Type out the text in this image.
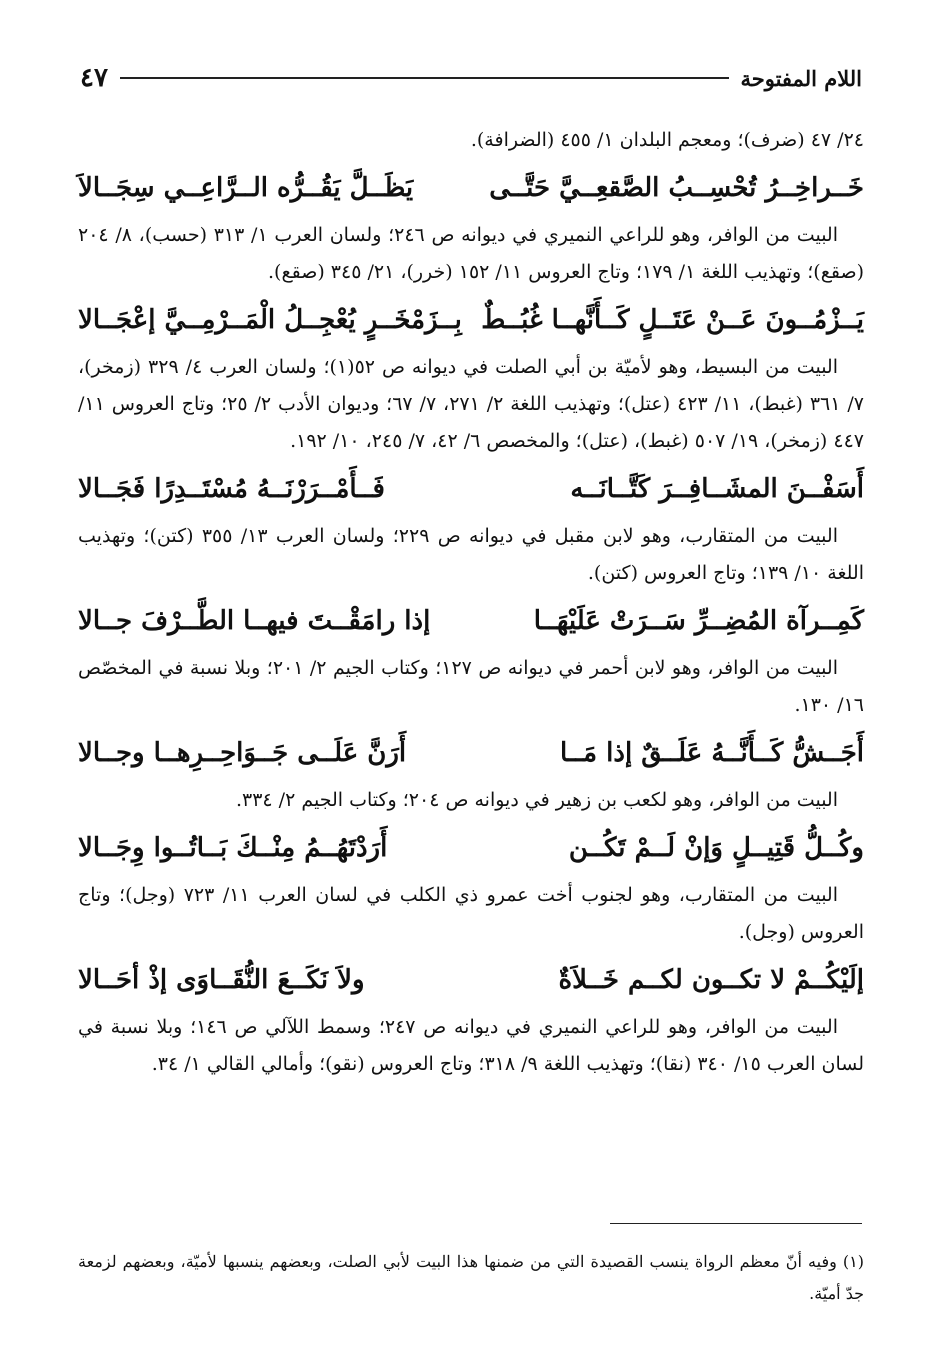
اللام المفتوحة
٤٧

٢٤/ ٤٧ (ضرف)؛ ومعجم البلدان ١/ ٤٥٥ (الضرافة).

خَــراخِــرُ تُحْسِــبُ الصَّقعِــيَّ حَتَّــى
يَظَــلَّ يَقُــرُّه الــرَّاعِــي سِجَــالاَ

البيت من الوافر، وهو للراعي النميري في ديوانه ص ٢٤٦؛ ولسان العرب ١/ ٣١٣ (حسب)، ٨/ ٢٠٤ (صقع)؛ وتهذيب اللغة ١/ ١٧٩؛ وتاج العروس ١١/ ١٥٢ (خرر)، ٢١/ ٣٤٥ (صقع).

يَــزْمُــونَ عَــنْ عَتَــلٍ كَــأَنَّهــا غُبُــطٌ
بِــزَمْخَــرٍ يُعْجِــلُ الْمَــرْمِــيَّ إعْجَــالا

البيت من البسيط، وهو لأميّة بن أبي الصلت في ديوانه ص ٥٢(١)؛ ولسان العرب ٤/ ٣٢٩ (زمخر)، ٧/ ٣٦١ (غبط)، ١١/ ٤٢٣ (عتل)؛ وتهذيب اللغة ٢/ ٢٧١، ٧/ ٦٧؛ وديوان الأدب ٢/ ٢٥؛ وتاج العروس ١١/ ٤٤٧ (زمخر)، ١٩/ ٥٠٧ (غبط)، (عتل)؛ والمخصص ٦/ ٤٢، ٧/ ٢٤٥، ١٠/ ١٩٢.

أَسَفْــنَ المشَــافِــرَ كَتَّــانَــه
فَــأَمْــرَرْنَــهُ مُسْتَــدِرًا فَجَــالا

البيت من المتقارب، وهو لابن مقبل في ديوانه ص ٢٢٩؛ ولسان العرب ١٣/ ٣٥٥ (كتن)؛ وتهذيب اللغة ١٠/ ١٣٩؛ وتاج العروس (كتن).

كَمِــرآة المُضِــرِّ سَــرَتْ عَلَيْهَــا
إذا رامَقْــتَ فيهــا الطَّــرْفَ جــالا

البيت من الوافر، وهو لابن أحمر في ديوانه ص ١٢٧؛ وكتاب الجيم ٢/ ٢٠١؛ وبلا نسبة في المخصّص ١٦/ ١٣٠.

أَجَــشُّ كَــأَنَّــهُ عَلَــقٌ إذا مَــا
أَرَنَّ عَلَــى جَــوَاحِــرِهــا وجــالا

البيت من الوافر، وهو لكعب بن زهير في ديوانه ص ٢٠٤؛ وكتاب الجيم ٢/ ٣٣٤.

وكُــلُّ قَتِيــلٍ وَإنْ لَــمْ تَكُــن
أَرَدْتَهُــمُ مِنْــكَ بَــاتُــوا وِجَــالا

البيت من المتقارب، وهو لجنوب أخت عمرو ذي الكلب في لسان العرب ١١/ ٧٢٣ (وجل)؛ وتاج العروس (وجل).

إلَيْكُــمْ لا تكــون لكــم خَــلاَةٌ
ولاَ نَكَــعَ النُّقَــاوَى إذْ أحَــالا

البيت من الوافر، وهو للراعي النميري في ديوانه ص ٢٤٧؛ وسمط اللآلي ص ١٤٦؛ وبلا نسبة في لسان العرب ١٥/ ٣٤٠ (نقا)؛ وتهذيب اللغة ٩/ ٣١٨؛ وتاج العروس (نقو)؛ وأمالي القالي ١/ ٣٤.

(١) وفيه أنّ معظم الرواة ينسب القصيدة التي من ضمنها هذا البيت لأبي الصلت، وبعضهم ينسبها لأميّة، وبعضهم لزمعة جدّ أميّة.
